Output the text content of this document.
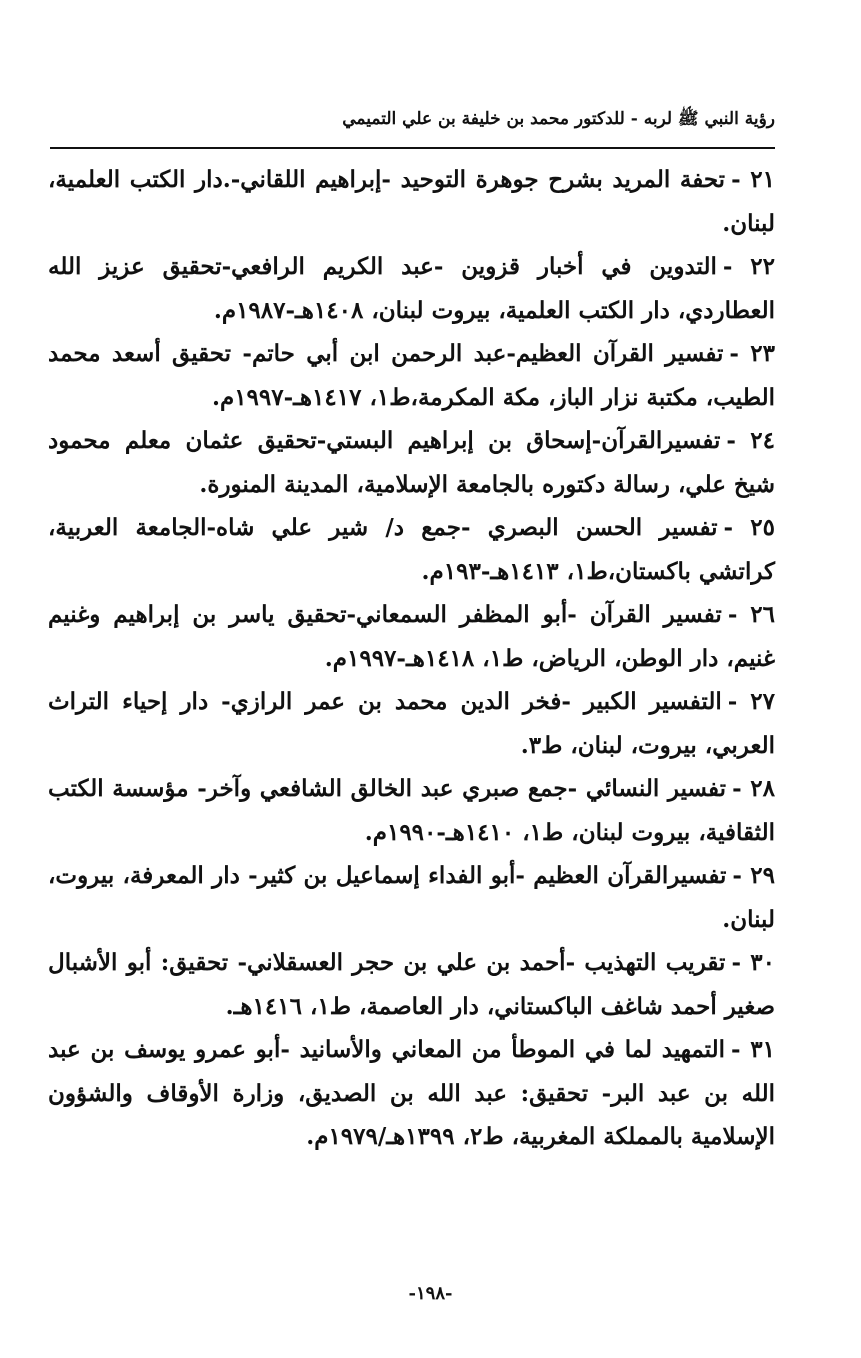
رؤية النبي ﷺ لربه - للدكتور محمد بن خليفة بن علي التميمي
٢١ -تحفة المريد بشرح جوهرة التوحيد -إبراهيم اللقاني-.دار الكتب العلمية، لبنان.
٢٢ -التدوين في أخبار قزوين -عبد الكريم الرافعي-تحقيق عزيز الله العطاردي، دار الكتب العلمية، بيروت لبنان، ١٤٠٨هـ-١٩٨٧م.
٢٣ -تفسير القرآن العظيم-عبد الرحمن ابن أبي حاتم- تحقيق أسعد محمد الطيب، مكتبة نزار الباز، مكة المكرمة،ط١، ١٤١٧هـ-١٩٩٧م.
٢٤ -تفسيرالقرآن-إسحاق بن إبراهيم البستي-تحقيق عثمان معلم محمود شيخ علي، رسالة دكتوره بالجامعة الإسلامية، المدينة المنورة.
٢٥ -تفسير الحسن البصري -جمع د/ شير علي شاه-الجامعة العربية، كراتشي باكستان،ط١، ١٤١٣هـ-١٩٣م.
٢٦ -تفسير القرآن -أبو المظفر السمعاني-تحقيق ياسر بن إبراهيم وغنيم غنيم، دار الوطن، الرياض، ط١، ١٤١٨هـ-١٩٩٧م.
٢٧ -التفسير الكبير -فخر الدين محمد بن عمر الرازي- دار إحياء التراث العربي، بيروت، لبنان، ط٣.
٢٨ -تفسير النسائي -جمع صبري عبد الخالق الشافعي وآخر- مؤسسة الكتب الثقافية، بيروت لبنان، ط١، ١٤١٠هـ-١٩٩٠م.
٢٩ -تفسيرالقرآن العظيم -أبو الفداء إسماعيل بن كثير- دار المعرفة، بيروت، لبنان.
٣٠ -تقريب التهذيب -أحمد بن علي بن حجر العسقلاني- تحقيق: أبو الأشبال صغير أحمد شاغف الباكستاني، دار العاصمة، ط١، ١٤١٦هـ.
٣١ -التمهيد لما في الموطأ من المعاني والأسانيد -أبو عمرو يوسف بن عبد الله بن عبد البر- تحقيق: عبد الله بن الصديق، وزارة الأوقاف والشؤون الإسلامية بالمملكة المغربية، ط٢، ١٣٩٩هـ/١٩٧٩م.
-١٩٨-
